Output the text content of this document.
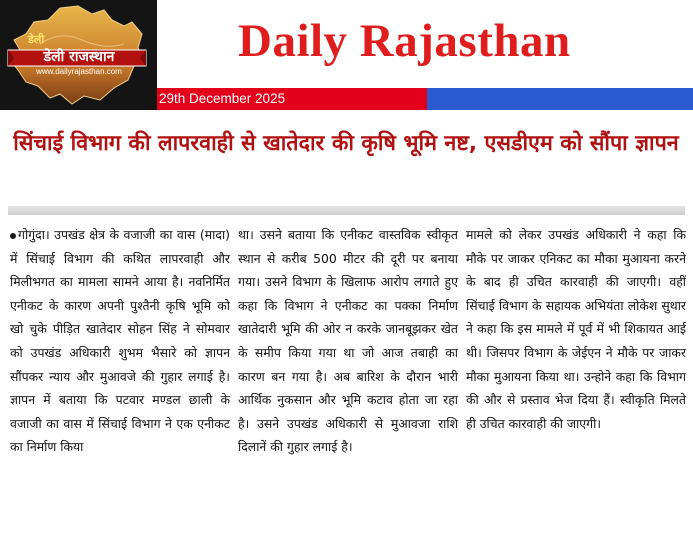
डेली
डेली राजस्थान
www.dailyrajasthan.com
Daily Rajasthan
29th December 2025
सिंचाई विभाग की लापरवाही से खातेदार की कृषि भूमि नष्ट, एसडीएम को सौंपा ज्ञापन

गोगुंदा। उपखंड क्षेत्र के वजाजी का वास (मादा) में सिंचाई विभाग की कथित लापरवाही और मिलीभगत का मामला सामने आया है। नवनिर्मित एनीकट के कारण अपनी पुश्तैनी कृषि भूमि को खो चुके पीड़ित खातेदार सोहन सिंह ने सोमवार को उपखंड अधिकारी शुभम भैसारे को ज्ञापन सौंपकर न्याय और मुआवजे की गुहार लगाई है। ज्ञापन में बताया कि पटवार मण्डल छाली के वजाजी का वास में सिंचाई विभाग ने एक एनीकट का निर्माण किया

था। उसने बताया कि एनीकट वास्तविक स्वीकृत स्थान से करीब 500 मीटर की दूरी पर बनाया गया। उसने विभाग के खिलाफ आरोप लगाते हुए कहा कि विभाग ने एनीकट का पक्का निर्माण खातेदारी भूमि की ओर न करके जानबूझकर खेत के समीप किया गया था जो आज तबाही का कारण बन गया है। अब बारिश के दौरान भारी आर्थिक नुकसान और भूमि कटाव होता जा रहा है। उसने उपखंड अधिकारी से मुआवजा राशि दिलानें की गुहार लगाई है।

मामले को लेकर उपखंड अधिकारी ने कहा कि मौके पर जाकर एनिकट का मौका मुआयना करने के बाद ही उचित कारवाही की जाएगी। वहीं सिंचाई विभाग के सहायक अभियंता लोकेश सुथार ने कहा कि इस मामले में पूर्व में भी शिकायत आई थी। जिसपर विभाग के जेईएन ने मौके पर जाकर मौका मुआयना किया था। उन्होने कहा कि विभाग की और से प्रस्ताव भेज दिया हैं। स्वीकृति मिलते ही उचित कारवाही की जाएगी।
